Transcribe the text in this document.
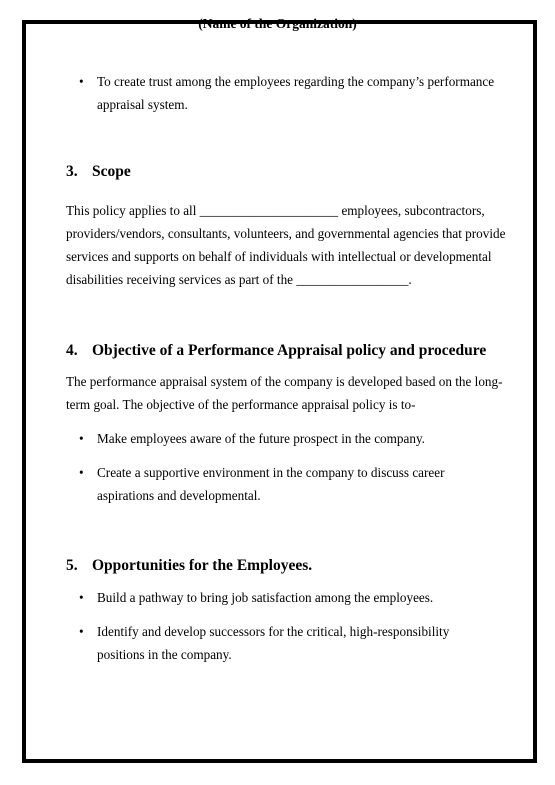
(Name of the Organization)
• To create trust among the employees regarding the company’s performance appraisal system.
3. Scope
This policy applies to all _____________________ employees, subcontractors,
providers/vendors, consultants, volunteers, and governmental agencies that provide
services and supports on behalf of individuals with intellectual or developmental
disabilities receiving services as part of the _________________.
4. Objective of a Performance Appraisal policy and procedure
The performance appraisal system of the company is developed based on the long-
term goal. The objective of the performance appraisal policy is to-
• Make employees aware of the future prospect in the company.
• Create a supportive environment in the company to discuss career aspirations and developmental.
5. Opportunities for the Employees.
• Build a pathway to bring job satisfaction among the employees.
• Identify and develop successors for the critical, high-responsibility positions in the company.
